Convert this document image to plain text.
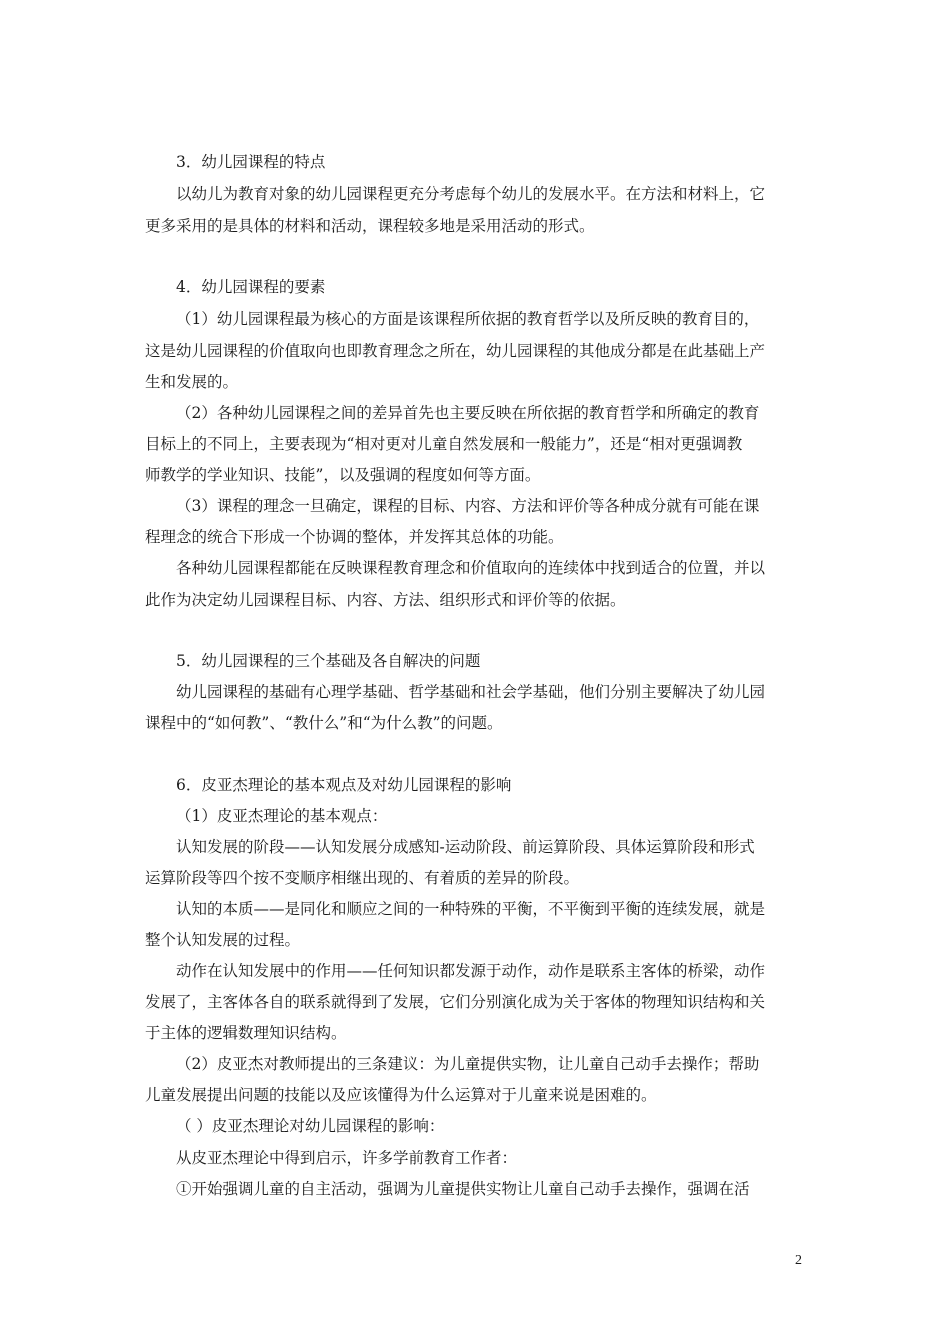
3．幼儿园课程的特点
以幼儿为教育对象的幼儿园课程更充分考虑每个幼儿的发展水平。在方法和材料上，它
更多采用的是具体的材料和活动，课程较多地是采用活动的形式。
4．幼儿园课程的要素
（1）幼儿园课程最为核心的方面是该课程所依据的教育哲学以及所反映的教育目的，
这是幼儿园课程的价值取向也即教育理念之所在，幼儿园课程的其他成分都是在此基础上产
生和发展的。
（2）各种幼儿园课程之间的差异首先也主要反映在所依据的教育哲学和所确定的教育
目标上的不同上，主要表现为“相对更对儿童自然发展和一般能力”，还是“相对更强调教
师教学的学业知识、技能”，以及强调的程度如何等方面。
（3）课程的理念一旦确定，课程的目标、内容、方法和评价等各种成分就有可能在课
程理念的统合下形成一个协调的整体，并发挥其总体的功能。
各种幼儿园课程都能在反映课程教育理念和价值取向的连续体中找到适合的位置，并以
此作为决定幼儿园课程目标、内容、方法、组织形式和评价等的依据。
5．幼儿园课程的三个基础及各自解决的问题
幼儿园课程的基础有心理学基础、哲学基础和社会学基础，他们分别主要解决了幼儿园
课程中的“如何教”、“教什么”和“为什么教”的问题。
6．皮亚杰理论的基本观点及对幼儿园课程的影响
（1）皮亚杰理论的基本观点：
认知发展的阶段——认知发展分成感知-运动阶段、前运算阶段、具体运算阶段和形式
运算阶段等四个按不变顺序相继出现的、有着质的差异的阶段。
认知的本质——是同化和顺应之间的一种特殊的平衡，不平衡到平衡的连续发展，就是
整个认知发展的过程。
动作在认知发展中的作用——任何知识都发源于动作，动作是联系主客体的桥梁，动作
发展了，主客体各自的联系就得到了发展，它们分别演化成为关于客体的物理知识结构和关
于主体的逻辑数理知识结构。
（2）皮亚杰对教师提出的三条建议：为儿童提供实物，让儿童自己动手去操作；帮助
儿童发展提出问题的技能以及应该懂得为什么运算对于儿童来说是困难的。
（ ）皮亚杰理论对幼儿园课程的影响：
从皮亚杰理论中得到启示，许多学前教育工作者：
①开始强调儿童的自主活动，强调为儿童提供实物让儿童自己动手去操作，强调在活
2
